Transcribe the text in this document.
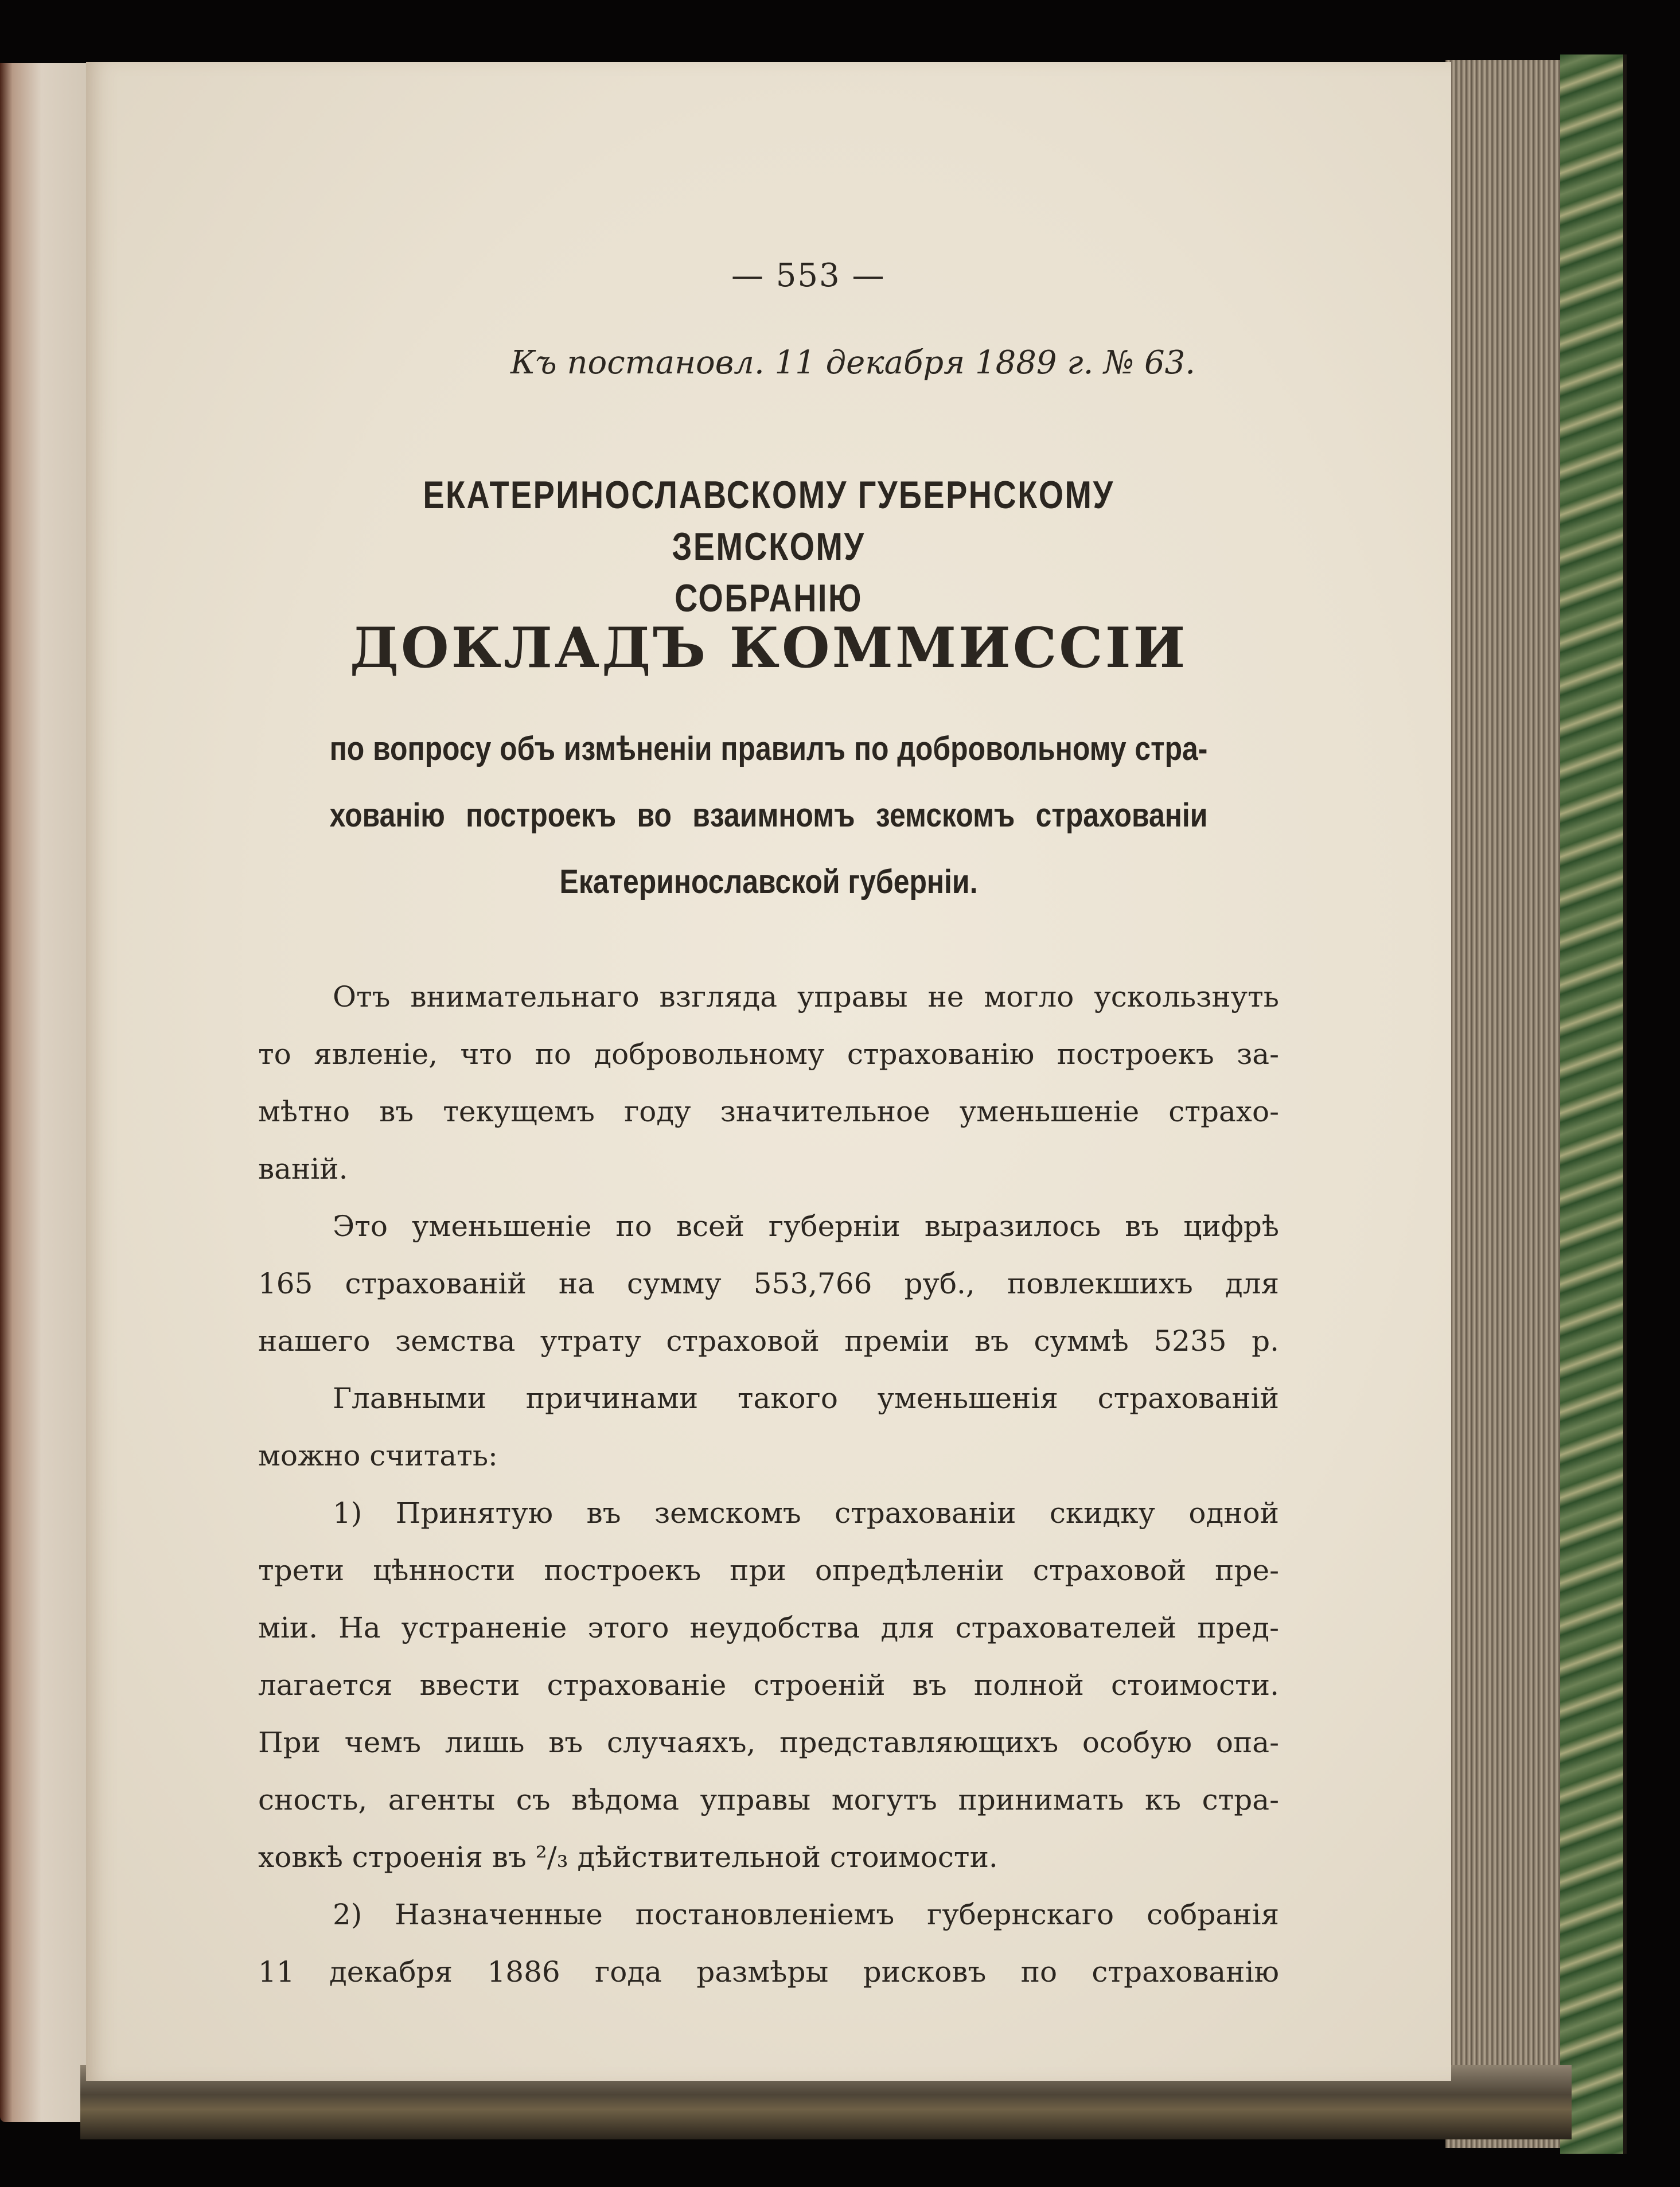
— 553 —
Къ постановл. 11 декабря 1889 г. № 63.
ЕКАТЕРИНОСЛАВСКОМУ ГУБЕРНСКОМУ ЗЕМСКОМУ
СОБРАНІЮ
ДОКЛАДЪ КОММИССІИ
по вопросу объ измѣненіи правилъ по добровольному стра-
хованію построекъ во взаимномъ земскомъ страхованіи
Екатеринославской губерніи.
Отъ внимательнаго взгляда управы не могло ускользнуть
то явленіе, что по добровольному страхованію построекъ за-
мѣтно въ текущемъ году значительное уменьшеніе страхо-
ваній.
Это уменьшеніе по всей губерніи выразилось въ цифрѣ
165 страхованій на сумму 553,766 руб., повлекшихъ для
нашего земства утрату страховой преміи въ суммѣ 5235 р.
Главными причинами такого уменьшенія страхованій
можно считать:
1) Принятую въ земскомъ страхованіи скидку одной
трети цѣнности построекъ при опредѣленіи страховой пре-
міи. На устраненіе этого неудобства для страхователей пред-
лагается ввести страхованіе строеній въ полной стоимости.
При чемъ лишь въ случаяхъ, представляющихъ особую опа-
сность, агенты съ вѣдома управы могутъ принимать къ стра-
ховкѣ строенія въ ²/₃ дѣйствительной стоимости.
2) Назначенные постановленіемъ губернскаго собранія
11 декабря 1886 года размѣры рисковъ по страхованію
